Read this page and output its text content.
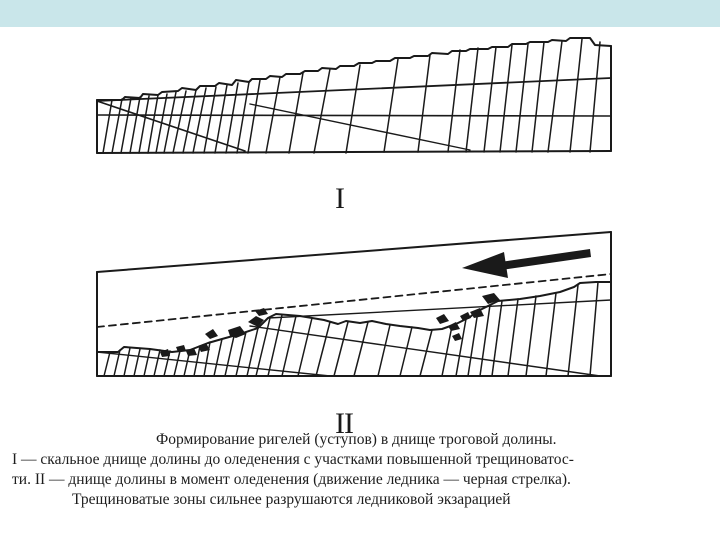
I
II
Формирование ригелей (уступов) в днище троговой долины.
I — скальное днище долины до оледенения с участками повышенной трещиноватос-
ти. II — днище долины в момент оледенения (движение ледника — черная стрелка).
Трещиноватые зоны сильнее разрушаются ледниковой экзарацией
